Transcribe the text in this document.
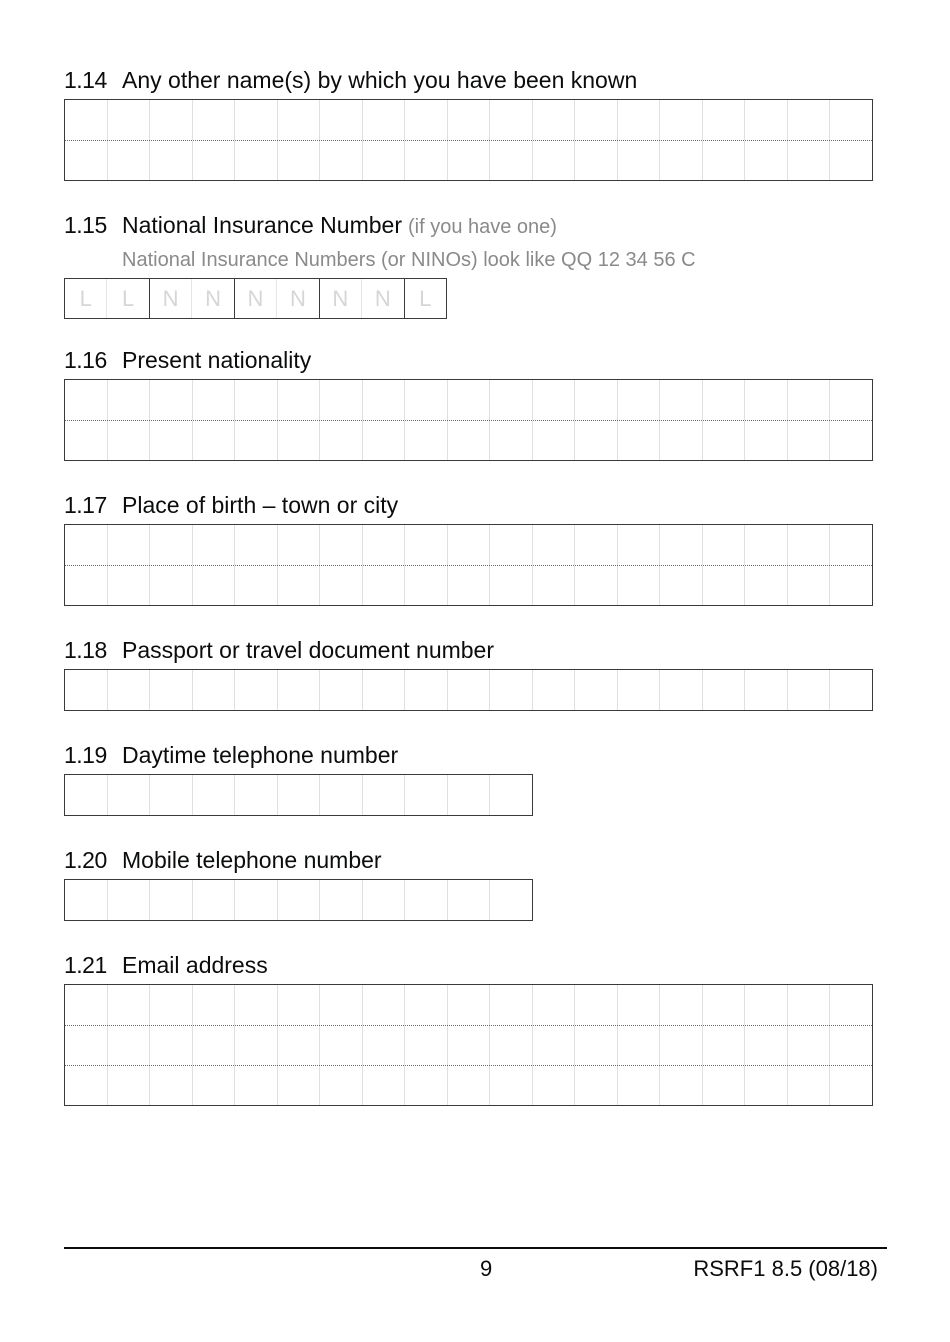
1.14 Any other name(s) by which you have been known
1.15 National Insurance Number (if you have one)
National Insurance Numbers (or NINOs) look like QQ 12 34 56 C
L	L	N	N	N	N	N	N	L
1.16 Present nationality
1.17 Place of birth – town or city
1.18 Passport or travel document number
1.19 Daytime telephone number
1.20 Mobile telephone number
1.21 Email address
9	RSRF1 8.5 (08/18)
